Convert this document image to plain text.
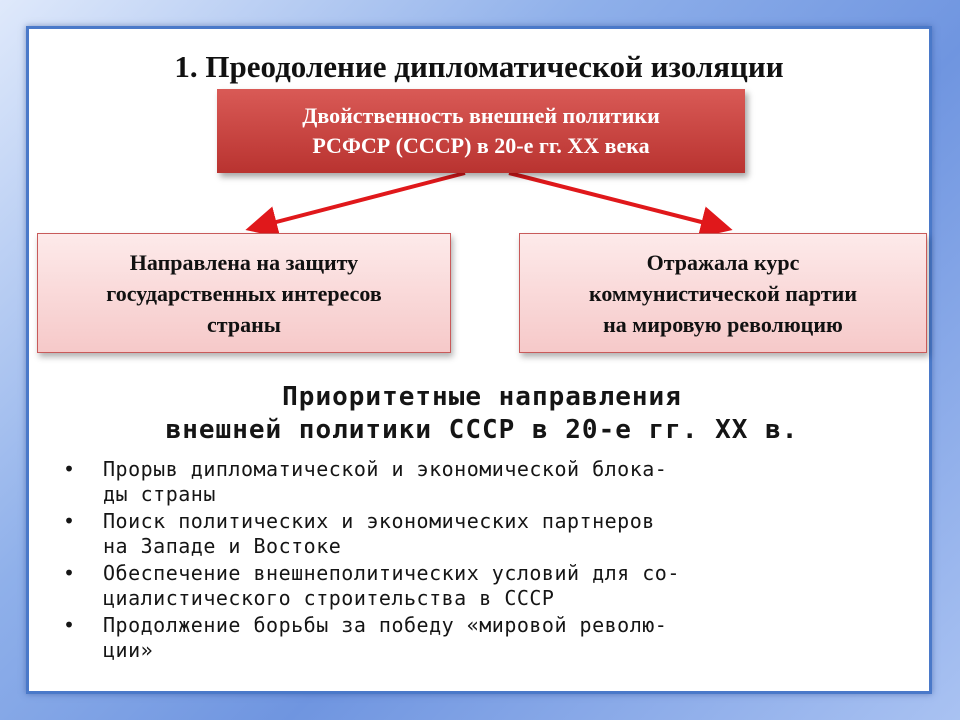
1. Преодоление дипломатической изоляции
Двойственность внешней политики
РСФСР (СССР) в 20-е гг. XX века
Направлена на защиту
государственных интересов
страны
Отражала курс
коммунистической партии
на мировую революцию
Приоритетные направления
внешней политики СССР в 20-е гг. XX в.
• Прорыв дипломатической и экономической блока-
ды страны
• Поиск политических и экономических партнеров
на Западе и Востоке
• Обеспечение внешнеполитических условий для со-
циалистического строительства в СССР
• Продолжение борьбы за победу «мировой револю-
ции»
